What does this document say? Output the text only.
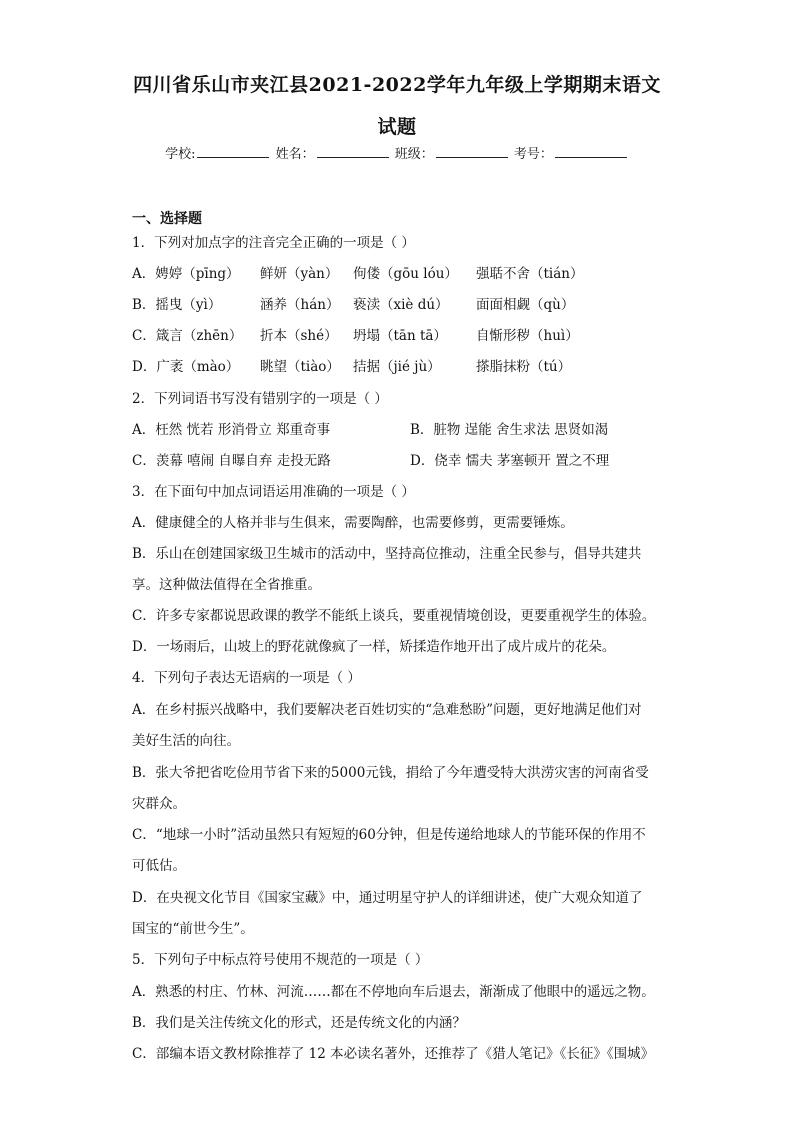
四川省乐山市夹江县2021-2022学年九年级上学期期末语文
试题
学校:	姓名：	班级：	考号：
一、选择题
1．下列对加点字的注音完全正确的一项是（ ）
A．娉婷（pīng） 鲜妍（yàn） 佝偻（gōu lóu） 强聒不舍（tián）
B．摇曳（yì）	涵养（hán） 亵渎（xiè dú） 面面相觑（qù）
C．箴言（zhēn） 折本（shé） 坍塌（tān tā） 自惭形秽（huì）
D．广袤（mào） 眺望（tiào） 拮据（jié jù）	搽脂抹粉（tú）
2．下列词语书写没有错别字的一项是（ ）
A．枉然 恍若 形消骨立 郑重奇事	B．脏物 逞能 舍生求法 思贤如渴
C．羡幕 嘻闹 自曝自弃 走投无路	D．侥幸 懦夫 茅塞顿开 置之不理
3．在下面句中加点词语运用准确的一项是（ ）
A．健康健全的人格并非与生俱来，需要陶醉，也需要修剪，更需要锤炼。
B．乐山在创建国家级卫生城市的活动中，坚持高位推动，注重全民参与，倡导共建共
享。这种做法值得在全省推重。
C．许多专家都说思政课的教学不能纸上谈兵，要重视情境创设，更要重视学生的体验。
D．一场雨后，山坡上的野花就像疯了一样，矫揉造作地开出了成片成片的花朵。
4．下列句子表达无语病的一项是（ ）
A．在乡村振兴战略中，我们要解决老百姓切实的“急难愁盼”问题，更好地满足他们对
美好生活的向往。
B．张大爷把省吃俭用节省下来的5000元钱，捐给了今年遭受特大洪涝灾害的河南省受
灾群众。
C．“地球一小时”活动虽然只有短短的60分钟，但是传递给地球人的节能环保的作用不
可低估。
D．在央视文化节目《国家宝藏》中，通过明星守护人的详细讲述，使广大观众知道了
国宝的“前世今生”。
5．下列句子中标点符号使用不规范的一项是（ ）
A．熟悉的村庄、竹林、河流……都在不停地向车后退去，渐渐成了他眼中的遥远之物。
B．我们是关注传统文化的形式，还是传统文化的内涵？
C．部编本语文教材除推荐了 12 本必读名著外，还推荐了《猎人笔记》《长征》《围城》
